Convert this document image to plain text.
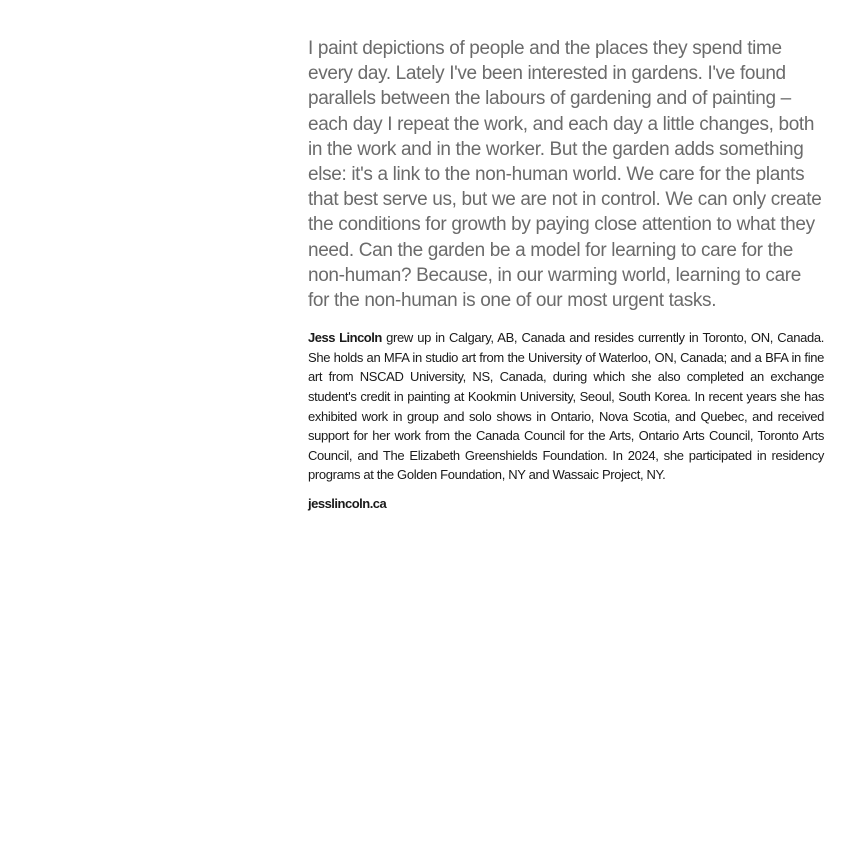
I paint depictions of people and the places they spend time every day. Lately I've been interested in gardens. I've found parallels between the labours of gardening and of painting – each day I repeat the work, and each day a little changes, both in the work and in the worker. But the garden adds something else: it's a link to the non-human world. We care for the plants that best serve us, but we are not in control. We can only create the conditions for growth by paying close attention to what they need. Can the garden be a model for learning to care for the non-human? Because, in our warming world, learning to care for the non-human is one of our most urgent tasks.

Jess Lincoln grew up in Calgary, AB, Canada and resides currently in Toronto, ON, Canada. She holds an MFA in studio art from the University of Waterloo, ON, Canada; and a BFA in fine art from NSCAD University, NS, Canada, during which she also completed an exchange student's credit in painting at Kookmin University, Seoul, South Korea. In recent years she has exhibited work in group and solo shows in Ontario, Nova Scotia, and Quebec, and received support for her work from the Canada Council for the Arts, Ontario Arts Council, Toronto Arts Council, and The Elizabeth Greenshields Foundation. In 2024, she participated in residency programs at the Golden Foundation, NY and Wassaic Project, NY.

jesslincoln.ca
